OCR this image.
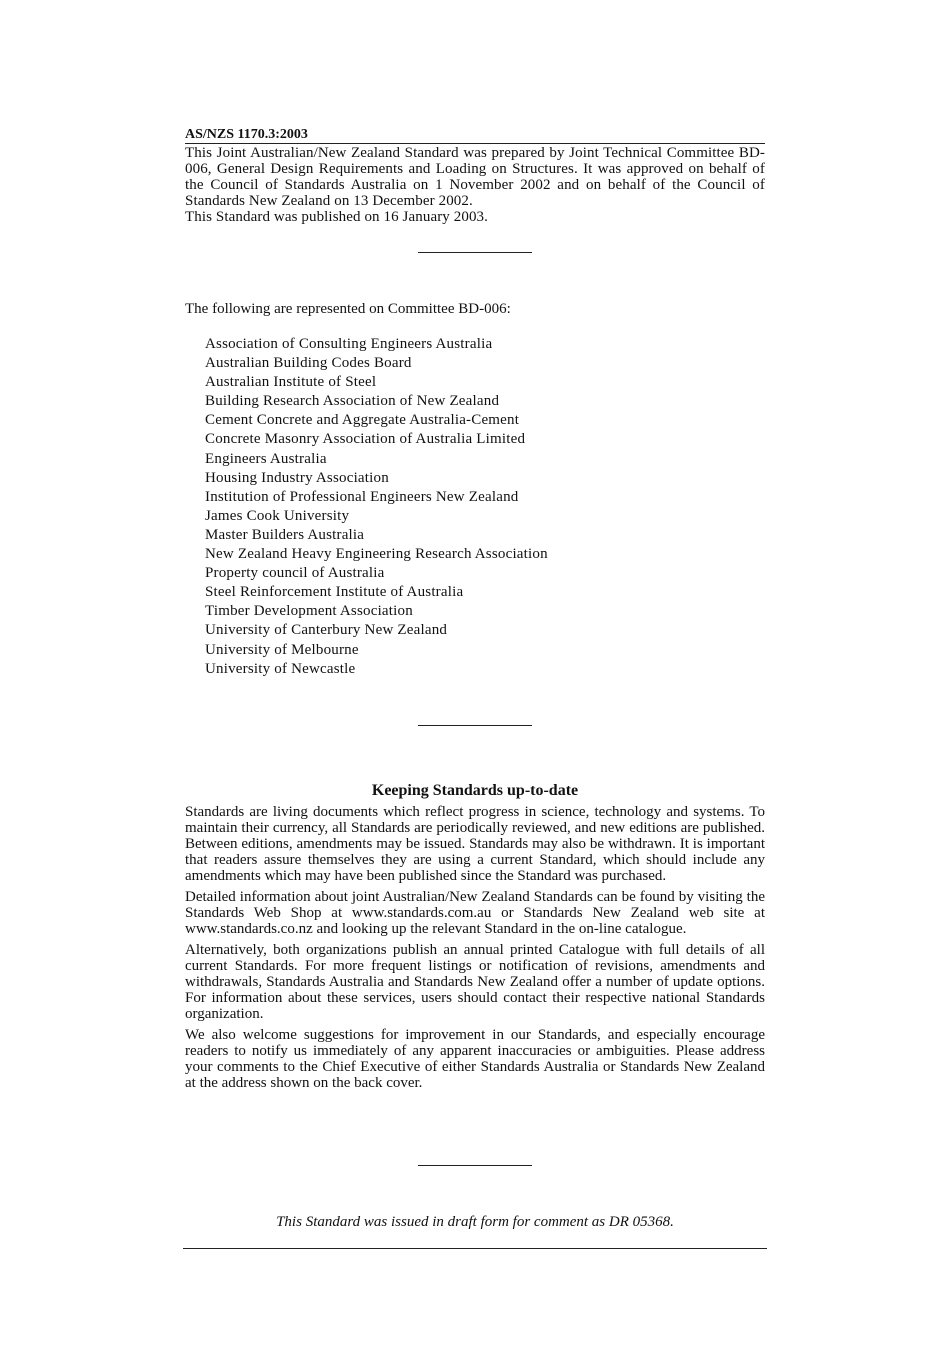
AS/NZS 1170.3:2003

This Joint Australian/New Zealand Standard was prepared by Joint Technical Committee BD-006, General Design Requirements and Loading on Structures. It was approved on behalf of the Council of Standards Australia on 1 November 2002 and on behalf of the Council of Standards New Zealand on 13 December 2002.

This Standard was published on 16 January 2003.

The following are represented on Committee BD-006:
Association of Consulting Engineers Australia
Australian Building Codes Board
Australian Institute of Steel
Building Research Association of New Zealand
Cement Concrete and Aggregate Australia-Cement
Concrete Masonry Association of Australia Limited
Engineers Australia
Housing Industry Association
Institution of Professional Engineers New Zealand
James Cook University
Master Builders Australia
New Zealand Heavy Engineering Research Association
Property council of Australia
Steel Reinforcement Institute of Australia
Timber Development Association
University of Canterbury New Zealand
University of Melbourne
University of Newcastle
Keeping Standards up-to-date

Standards are living documents which reflect progress in science, technology and systems. To maintain their currency, all Standards are periodically reviewed, and new editions are published. Between editions, amendments may be issued. Standards may also be withdrawn. It is important that readers assure themselves they are using a current Standard, which should include any amendments which may have been published since the Standard was purchased.

Detailed information about joint Australian/New Zealand Standards can be found by visiting the Standards Web Shop at www.standards.com.au or Standards New Zealand web site at www.standards.co.nz and looking up the relevant Standard in the on-line catalogue.

Alternatively, both organizations publish an annual printed Catalogue with full details of all current Standards. For more frequent listings or notification of revisions, amendments and withdrawals, Standards Australia and Standards New Zealand offer a number of update options. For information about these services, users should contact their respective national Standards organization.

We also welcome suggestions for improvement in our Standards, and especially encourage readers to notify us immediately of any apparent inaccuracies or ambiguities. Please address your comments to the Chief Executive of either Standards Australia or Standards New Zealand at the address shown on the back cover.

This Standard was issued in draft form for comment as DR 05368.
